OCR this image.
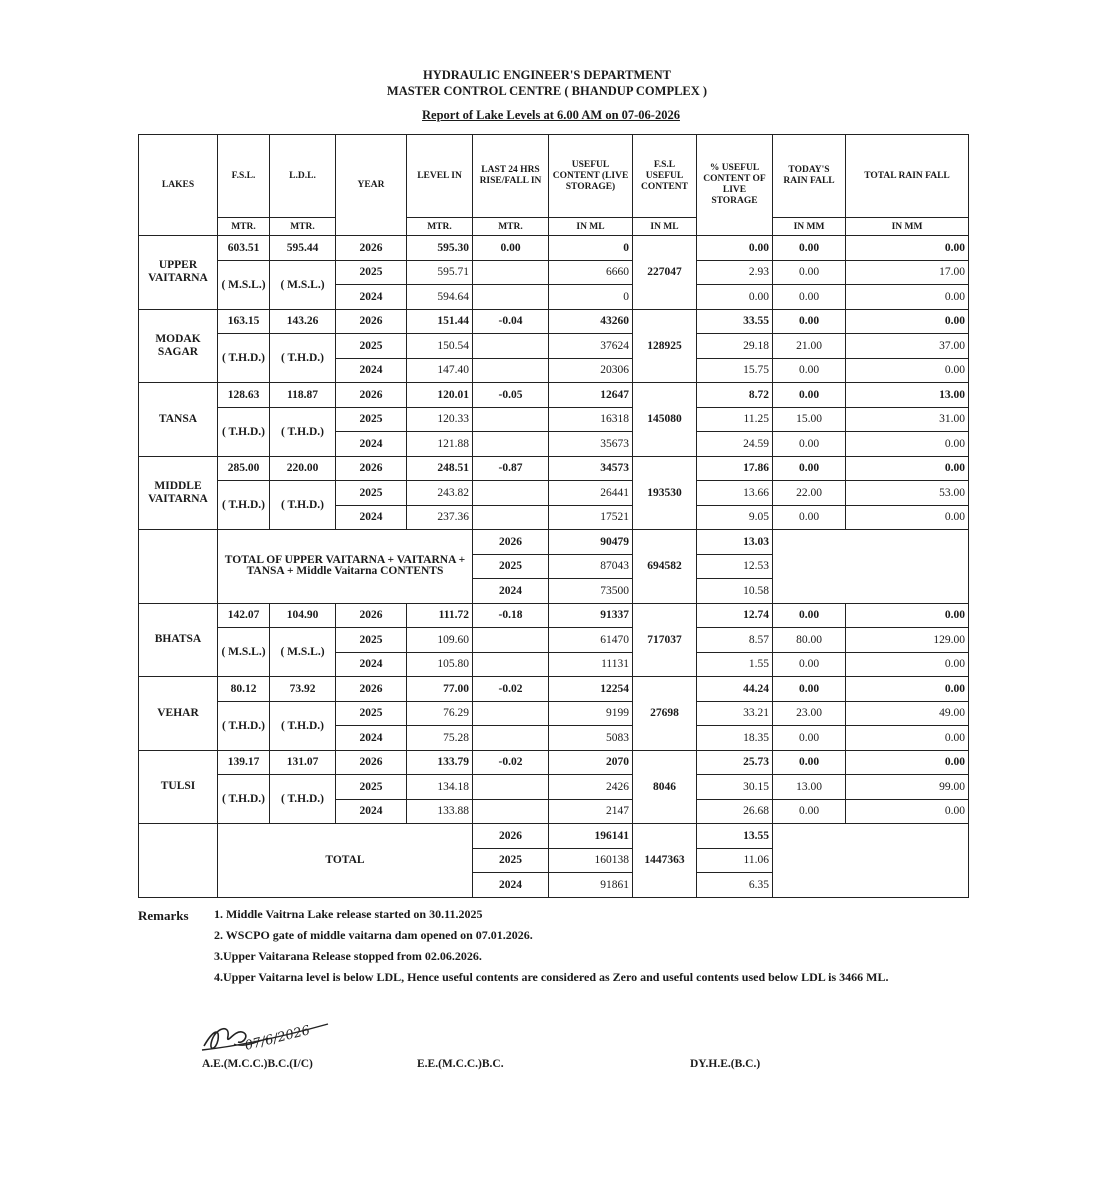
HYDRAULIC ENGINEER'S DEPARTMENT
MASTER CONTROL CENTRE ( BHANDUP COMPLEX )
Report of Lake Levels at 6.00 AM on 07-06-2026
LAKES	F.S.L.	L.D.L.	YEAR	LEVEL IN	LAST 24 HRS RISE/FALL IN	USEFUL CONTENT (LIVE STORAGE)	F.S.L USEFUL CONTENT	% USEFUL CONTENT OF LIVE STORAGE	TODAY'S RAIN FALL	TOTAL RAIN FALL
	MTR.	MTR.		MTR.	MTR.	IN ML	IN ML		IN MM	IN MM
UPPER VAITARNA	603.51	595.44	2026	595.30	0.00	0	227047	0.00	0.00	0.00
	( M.S.L.)	( M.S.L.)	2025	595.71		6660		2.93	0.00	17.00
			2024	594.64		0		0.00	0.00	0.00
MODAK SAGAR	163.15	143.26	2026	151.44	-0.04	43260	128925	33.55	0.00	0.00
	( T.H.D.)	( T.H.D.)	2025	150.54		37624		29.18	21.00	37.00
			2024	147.40		20306		15.75	0.00	0.00
TANSA	128.63	118.87	2026	120.01	-0.05	12647	145080	8.72	0.00	13.00
	( T.H.D.)	( T.H.D.)	2025	120.33		16318		11.25	15.00	31.00
			2024	121.88		35673		24.59	0.00	0.00
MIDDLE VAITARNA	285.00	220.00	2026	248.51	-0.87	34573	193530	17.86	0.00	0.00
	( T.H.D.)	( T.H.D.)	2025	243.82		26441		13.66	22.00	53.00
			2024	237.36		17521		9.05	0.00	0.00
	TOTAL OF UPPER VAITARNA + VAITARNA + TANSA + Middle Vaitarna CONTENTS				2026	90479	694582	13.03		
					2025	87043		12.53		
					2024	73500		10.58		
BHATSA	142.07	104.90	2026	111.72	-0.18	91337	717037	12.74	0.00	0.00
	( M.S.L.)	( M.S.L.)	2025	109.60		61470		8.57	80.00	129.00
			2024	105.80		11131		1.55	0.00	0.00
VEHAR	80.12	73.92	2026	77.00	-0.02	12254	27698	44.24	0.00	0.00
	( T.H.D.)	( T.H.D.)	2025	76.29		9199		33.21	23.00	49.00
			2024	75.28		5083		18.35	0.00	0.00
TULSI	139.17	131.07	2026	133.79	-0.02	2070	8046	25.73	0.00	0.00
	( T.H.D.)	( T.H.D.)	2025	134.18		2426		30.15	13.00	99.00
			2024	133.88		2147		26.68	0.00	0.00
	TOTAL				2026	196141	1447363	13.55		
					2025	160138		11.06		
					2024	91861		6.35		
Remarks 1. Middle Vaitrna Lake release started on 30.11.2025
2. WSCPO gate of middle vaitarna dam opened on 07.01.2026.
3.Upper Vaitarana Release stopped from 02.06.2026.
4.Upper Vaitarna level is below LDL, Hence useful contents are considered as Zero and useful contents used below LDL is 3466 ML.
07/6/2026
A.E.(M.C.C.)B.C.(I/C)	E.E.(M.C.C.)B.C.	DY.H.E.(B.C.)
